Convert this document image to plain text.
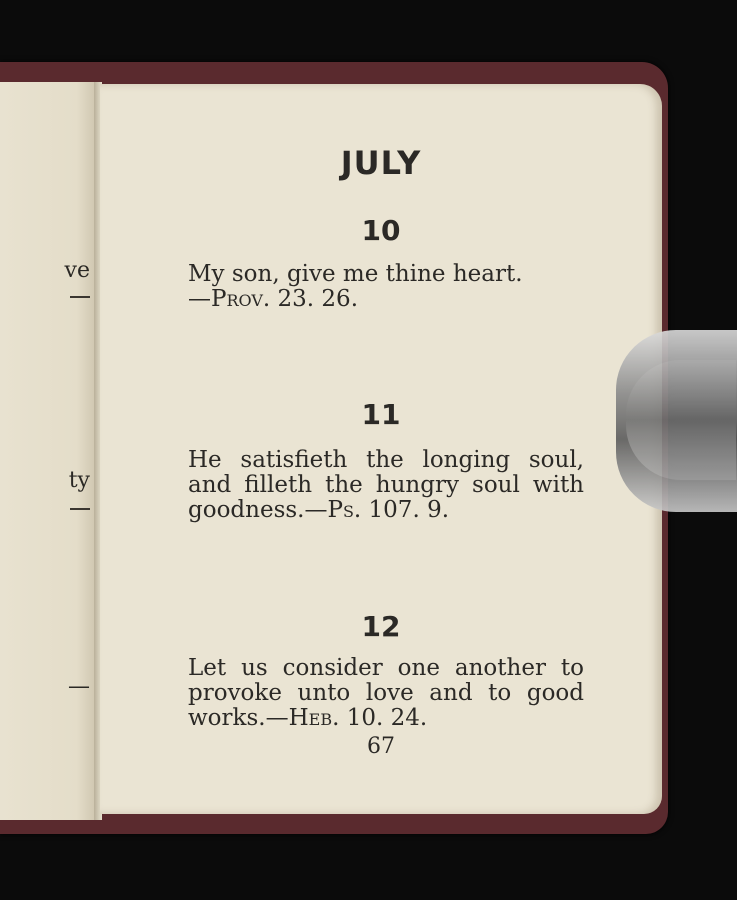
ve
ty
—
JULY
10
My son, give me thine heart.
—Prov. 23. 26.
11
He satisfieth the longing soul, and filleth the hungry soul with goodness.—Ps. 107. 9.
12
Let us consider one another to provoke unto love and to good works.—Heb. 10. 24.
67
